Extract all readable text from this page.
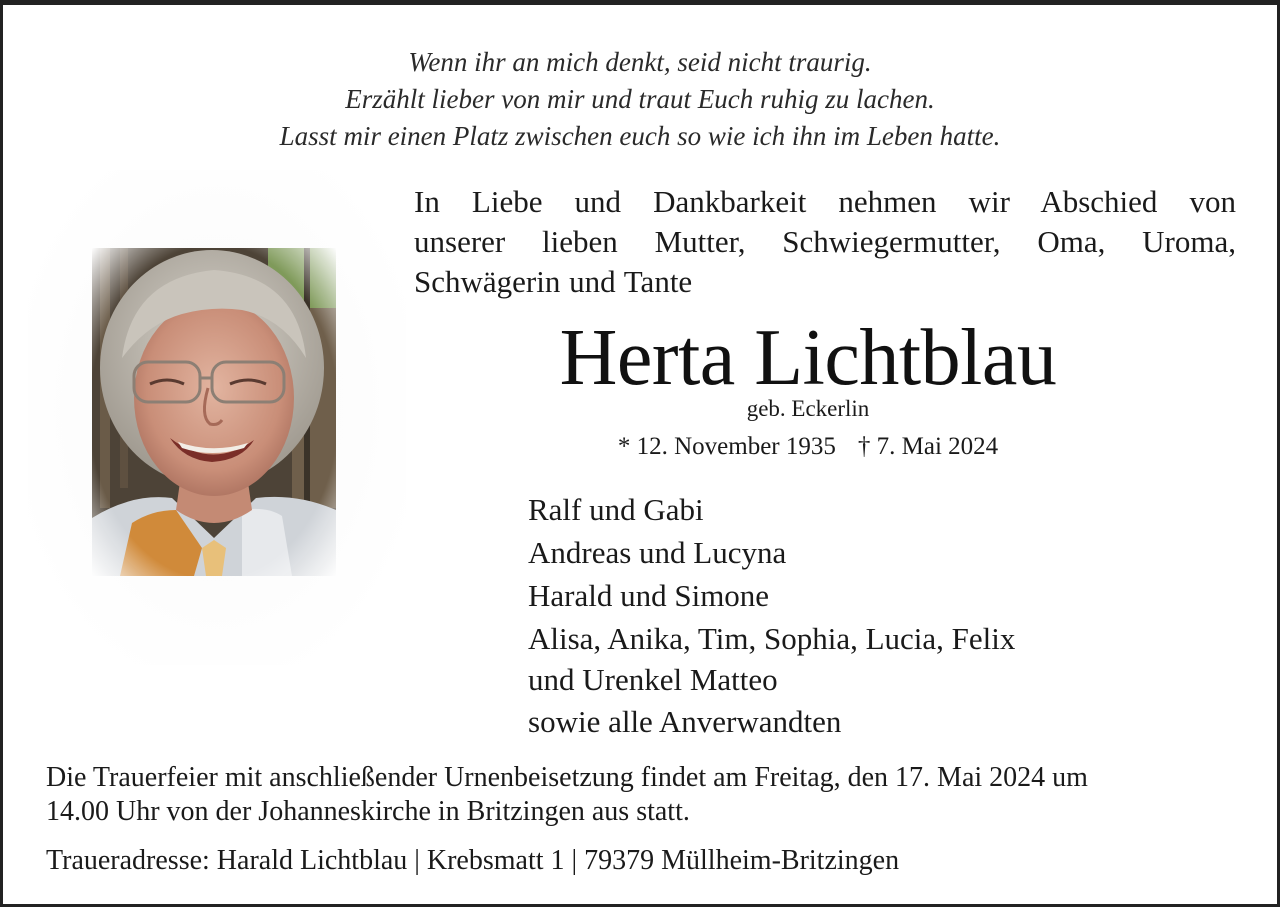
Wenn ihr an mich denkt, seid nicht traurig.
Erzählt lieber von mir und traut Euch ruhig zu lachen.
Lasst mir einen Platz zwischen euch so wie ich ihn im Leben hatte.
In Liebe und Dankbarkeit nehmen wir Abschied von
unserer lieben Mutter, Schwiegermutter, Oma, Uroma,
Schwägerin und Tante
Herta Lichtblau
geb. Eckerlin
* 12. November 1935 † 7. Mai 2024
Ralf und Gabi
Andreas und Lucyna
Harald und Simone
Alisa, Anika, Tim, Sophia, Lucia, Felix
und Urenkel Matteo
sowie alle Anverwandten
Die Trauerfeier mit anschließender Urnenbeisetzung findet am Freitag, den 17. Mai 2024 um
14.00 Uhr von der Johanneskirche in Britzingen aus statt.
Traueradresse: Harald Lichtblau | Krebsmatt 1 | 79379 Müllheim-Britzingen
